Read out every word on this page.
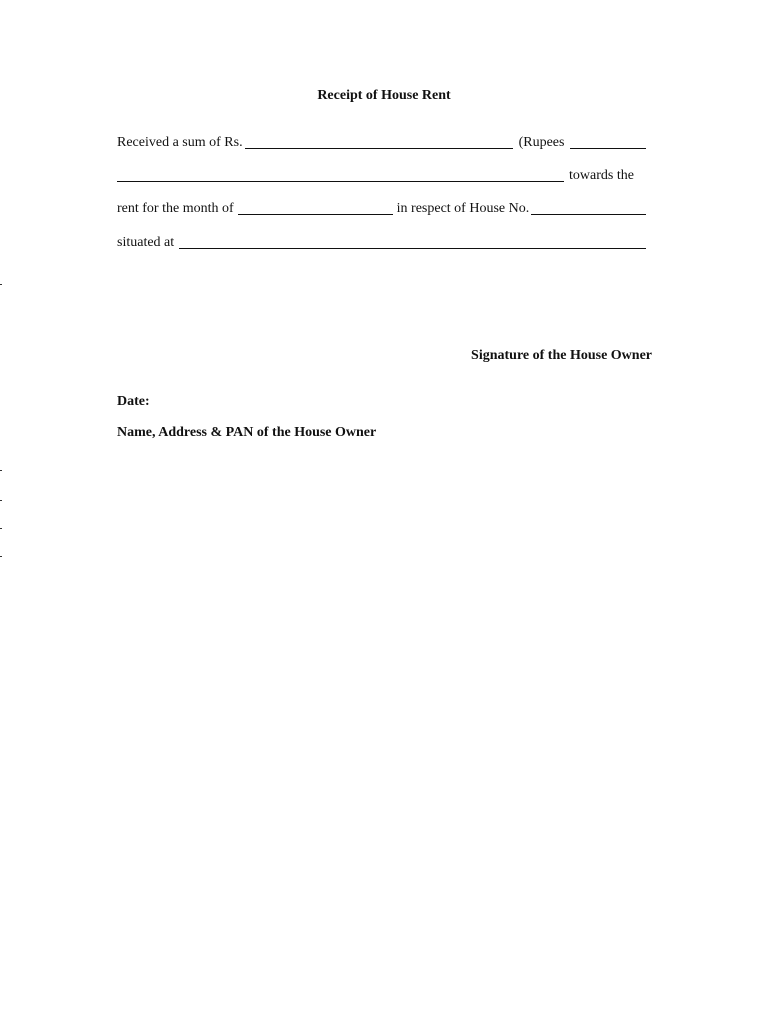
Receipt of House Rent
Received a sum of Rs.	(Rupees
towards the
rent for the month of	in respect of House No.
situated at
Signature of the House Owner
Date:
Name, Address & PAN of the House Owner
